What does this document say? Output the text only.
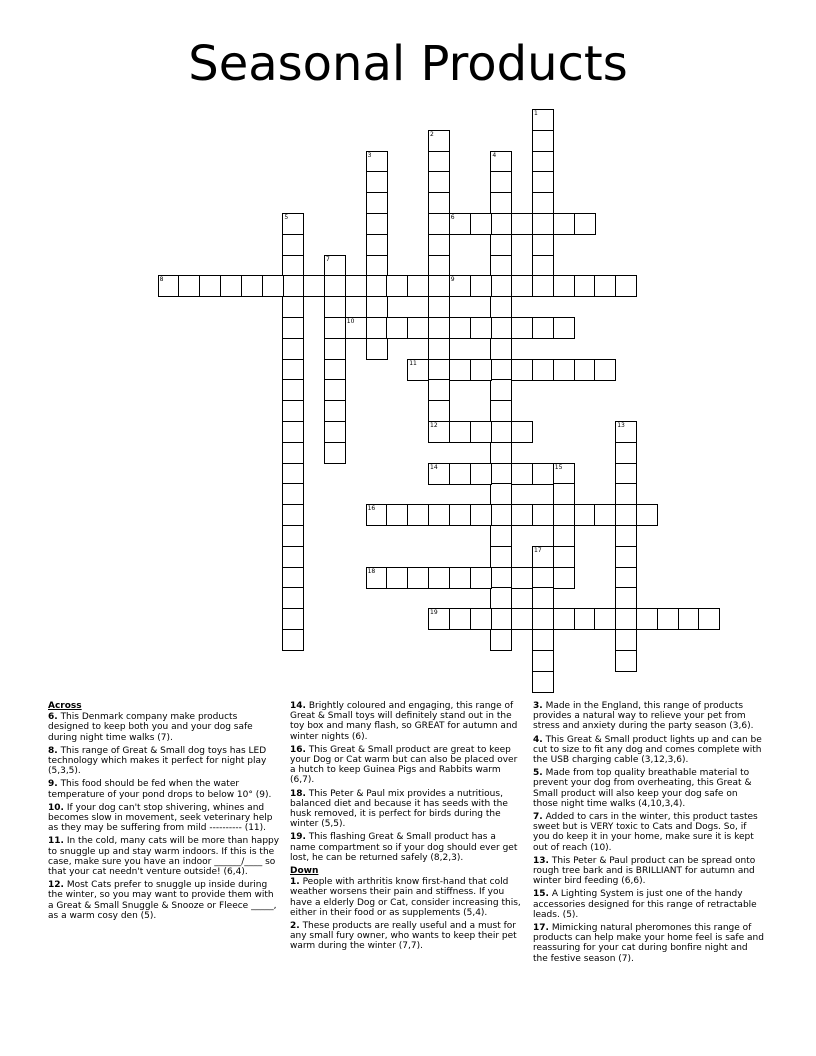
Seasonal Products
1
2
12
3	4
5	6
7
8	9
10
11
13
14	15
16
17
18
19

Across

6. This Denmark company make products designed to keep both you and your dog safe during night time walks (7).

8. This range of Great & Small dog toys has LED technology which makes it perfect for night play (5,3,5).

9. This food should be fed when the water temperature of your pond drops to below 10° (9).

10. If your dog can't stop shivering, whines and becomes slow in movement, seek veterinary help as they may be suffering from mild ---------- (11).

11. In the cold, many cats will be more than happy to snuggle up and stay warm indoors. If this is the case, make sure you have an indoor ______/____ so that your cat needn't venture outside! (6,4).

12. Most Cats prefer to snuggle up inside during the winter, so you may want to provide them with a Great & Small Snuggle & Snooze or Fleece _____, as a warm cosy den (5).

14. Brightly coloured and engaging, this range of Great & Small toys will definitely stand out in the toy box and many flash, so GREAT for autumn and winter nights (6).

16. This Great & Small product are great to keep your Dog or Cat warm but can also be placed over a hutch to keep Guinea Pigs and Rabbits warm (6,7).

18. This Peter & Paul mix provides a nutritious, balanced diet and because it has seeds with the husk removed, it is perfect for birds during the winter (5,5).

19. This flashing Great & Small product has a name compartment so if your dog should ever get lost, he can be returned safely (8,2,3).

Down

1. People with arthritis know first-hand that cold weather worsens their pain and stiffness. If you have a elderly Dog or Cat, consider increasing this, either in their food or as supplements (5,4).

2. These products are really useful and a must for any small fury owner, who wants to keep their pet warm during the winter (7,7).

3. Made in the England, this range of products provides a natural way to relieve your pet from stress and anxiety during the party season (3,6).

4. This Great & Small product lights up and can be cut to size to fit any dog and comes complete with the USB charging cable (3,12,3,6).

5. Made from top quality breathable material to prevent your dog from overheating, this Great & Small product will also keep your dog safe on those night time walks (4,10,3,4).

7. Added to cars in the winter, this product tastes sweet but is VERY toxic to Cats and Dogs. So, if you do keep it in your home, make sure it is kept out of reach (10).

13. This Peter & Paul product can be spread onto rough tree bark and is BRILLIANT for autumn and winter bird feeding (6,6).

15. A Lighting System is just one of the handy accessories designed for this range of retractable leads. (5).

17. Mimicking natural pheromones this range of products can help make your home feel is safe and reassuring for your cat during bonfire night and the festive season (7).
